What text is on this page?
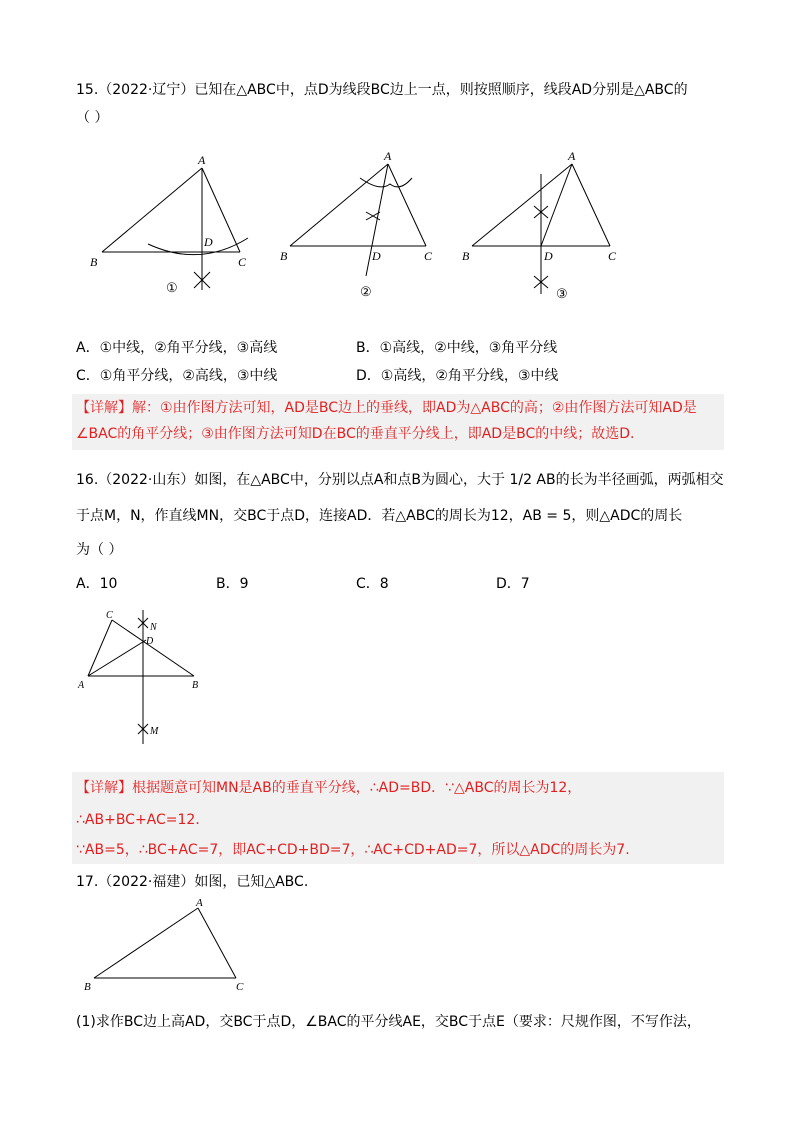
15.（2022·辽宁）已知在△ABC中，点D为线段BC边上一点，则按照顺序，线段AD分别是△ABC的
（ ）
A
B	C
D
①
A
B	C
D
②
A
B	C
D
③
A．①中线，②角平分线，③高线	B．①高线，②中线，③角平分线
C．①角平分线，②高线，③中线	D．①高线，②角平分线，③中线
【详解】解：①由作图方法可知，AD是BC边上的垂线，即AD为△ABC的高；②由作图方法可知AD是
∠BAC的角平分线；③由作图方法可知D在BC的垂直平分线上，即AD是BC的中线；故选D.
16.（2022·山东）如图，在△ABC中，分别以点A和点B为圆心，大于 1/2 AB的长为半径画弧，两弧相交
于点M，N，作直线MN，交BC于点D，连接AD．若△ABC的周长为12，AB = 5，则△ADC的周长
为（ ）
A．10	B．9	C．8	D．7
C
A	B
D
N
M
【详解】根据题意可知MN是AB的垂直平分线，∴AD=BD．∵△ABC的周长为12，
∴AB+BC+AC=12．
∵AB=5，∴BC+AC=7，即AC+CD+BD=7，∴AC+CD+AD=7，所以△ADC的周长为7.
17.（2022·福建）如图，已知△ABC.
A
B	C
(1)求作BC边上高AD，交BC于点D，∠BAC的平分线AE，交BC于点E（要求：尺规作图，不写作法，
